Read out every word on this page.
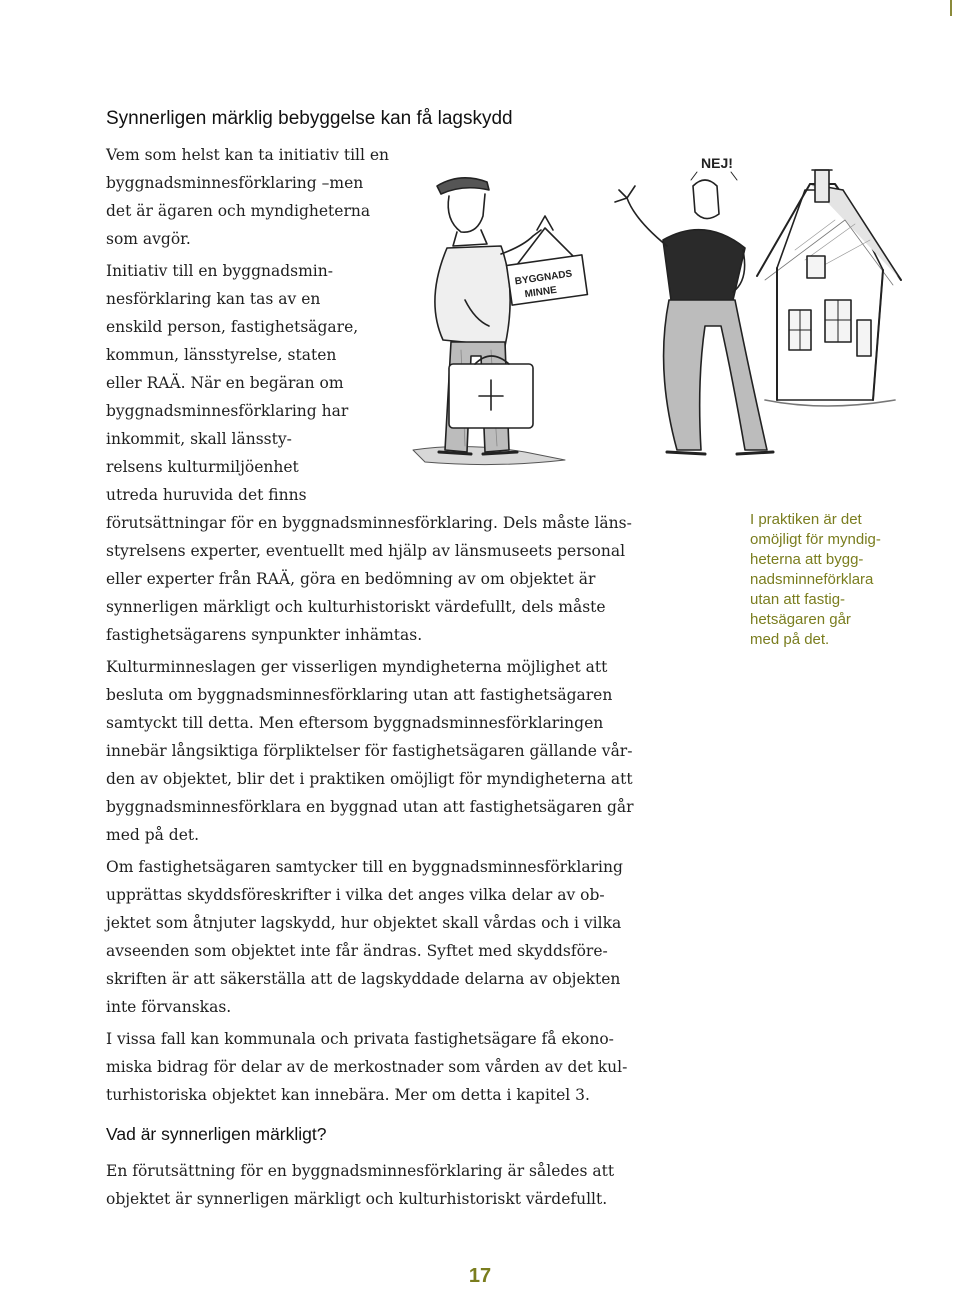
Synnerligen märklig bebyggelse kan få lagskydd

Vem som helst kan ta initiativ till en
byggnadsminnesförklaring –men
det är ägaren och myndigheterna
som avgör.

Initiativ till en byggnadsmin-
nesförklaring kan tas av en
enskild person, fastighetsägare,
kommun, länsstyrelse, staten
eller RAÄ. När en begäran om
byggnadsminnesförklaring har
inkommit, skall länssty-
relsens kulturmiljöenhet
utreda huruvida det finns
förutsättningar för en byggnadsminnesförklaring. Dels måste läns-
styrelsens experter, eventuellt med hjälp av länsmuseets personal
eller experter från RAÄ, göra en bedömning av om objektet är
synnerligen märkligt och kulturhistoriskt värdefullt, dels måste
fastighetsägarens synpunkter inhämtas.

Kulturminneslagen ger visserligen myndigheterna möjlighet att
besluta om byggnadsminnesförklaring utan att fastighetsägaren
samtyckt till detta. Men eftersom byggnadsminnesförklaringen
innebär långsiktiga förpliktelser för fastighetsägaren gällande vår-
den av objektet, blir det i praktiken omöjligt för myndigheterna att
byggnadsminnesförklara en byggnad utan att fastighetsägaren går
med på det.

Om fastighetsägaren samtycker till en byggnadsminnesförklaring
upprättas skyddsföreskrifter i vilka det anges vilka delar av ob-
jektet som åtnjuter lagskydd, hur objektet skall vårdas och i vilka
avseenden som objektet inte får ändras. Syftet med skyddsföre-
skriften är att säkerställa att de lagskyddade delarna av objekten
inte förvanskas.

I vissa fall kan kommunala och privata fastighetsägare få ekono-
miska bidrag för delar av de merkostnader som vården av det kul-
turhistoriska objektet kan innebära. Mer om detta i kapitel 3.

Vad är synnerligen märkligt?
En förutsättning för en byggnadsminnesförklaring är således att
objektet är synnerligen märkligt och kulturhistoriskt värdefullt.
I praktiken är det
omöjligt för myndig-
heterna att bygg-
nadsminneförklara
utan att fastig-
hetsägaren går
med på det.
17
BYGGNADS
MINNE
NEJ!
